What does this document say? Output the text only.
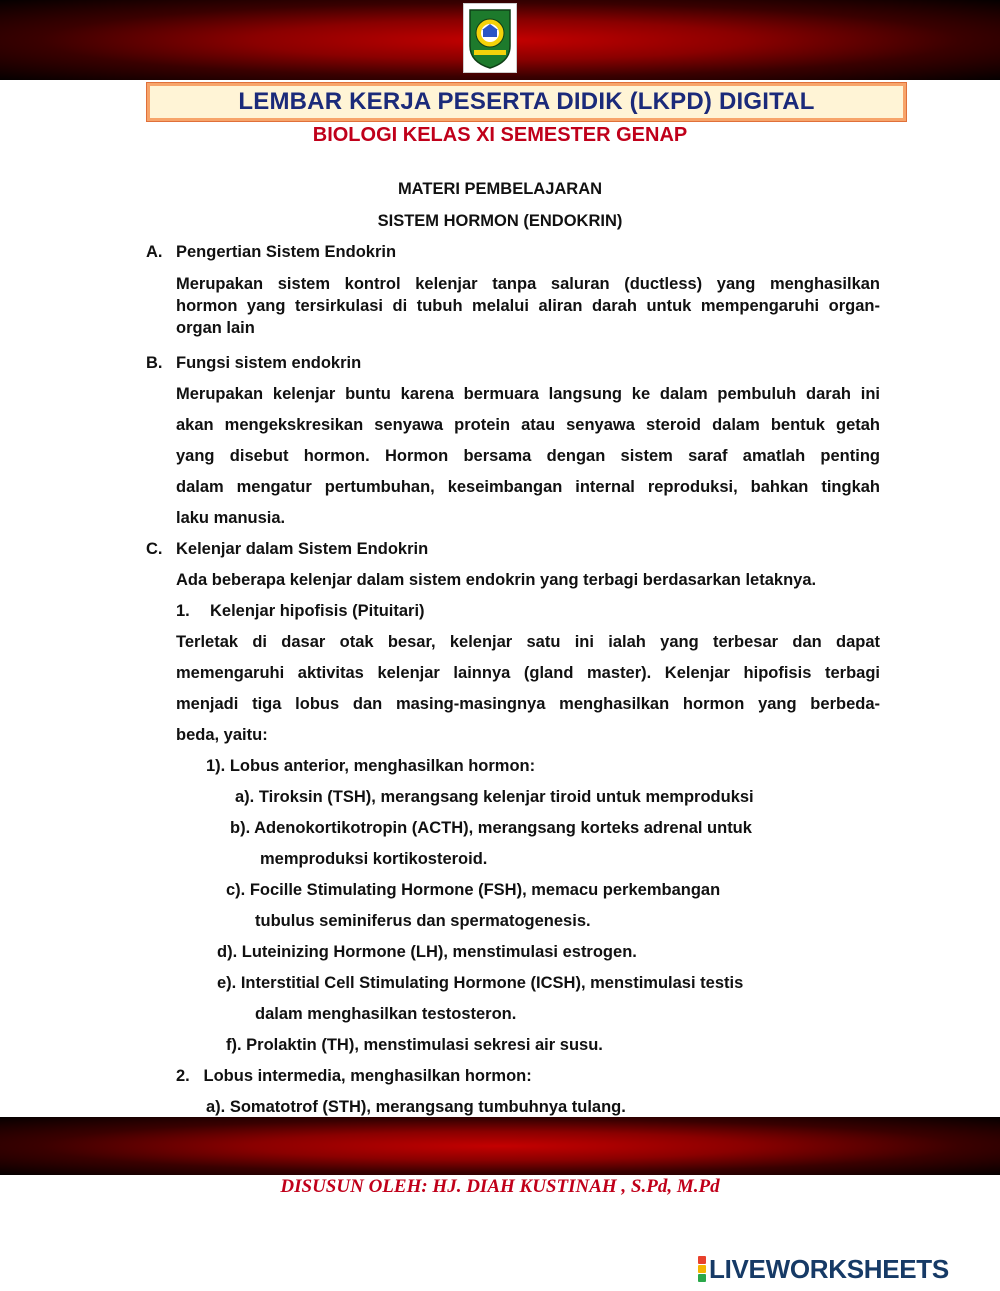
LEMBAR KERJA PESERTA DIDIK (LKPD) DIGITAL
BIOLOGI KELAS XI SEMESTER GENAP
MATERI PEMBELAJARAN
SISTEM HORMON (ENDOKRIN)
A. Pengertian Sistem Endokrin
Merupakan sistem kontrol kelenjar tanpa saluran (ductless) yang menghasilkan
hormon yang tersirkulasi di tubuh melalui aliran darah untuk mempengaruhi organ-
organ lain
B. Fungsi sistem endokrin
Merupakan kelenjar buntu karena bermuara langsung ke dalam pembuluh darah ini
akan mengekskresikan senyawa protein atau senyawa steroid dalam bentuk getah
yang disebut hormon. Hormon bersama dengan sistem saraf amatlah penting
dalam mengatur pertumbuhan, keseimbangan internal reproduksi, bahkan tingkah
laku manusia.
C. Kelenjar dalam Sistem Endokrin
Ada beberapa kelenjar dalam sistem endokrin yang terbagi berdasarkan letaknya.
1. Kelenjar hipofisis (Pituitari)
Terletak di dasar otak besar, kelenjar satu ini ialah yang terbesar dan dapat
memengaruhi aktivitas kelenjar lainnya (gland master). Kelenjar hipofisis terbagi
menjadi tiga lobus dan masing-masingnya menghasilkan hormon yang berbeda-
beda, yaitu:
1). Lobus anterior, menghasilkan hormon:
a). Tiroksin (TSH), merangsang kelenjar tiroid untuk memproduksi
b). Adenokortikotropin (ACTH), merangsang korteks adrenal untuk
memproduksi kortikosteroid.
c). Focille Stimulating Hormone (FSH), memacu perkembangan
tubulus seminiferus dan spermatogenesis.
d). Luteinizing Hormone (LH), menstimulasi estrogen.
e). Interstitial Cell Stimulating Hormone (ICSH), menstimulasi testis
dalam menghasilkan testosteron.
f). Prolaktin (TH), menstimulasi sekresi air susu.
2.   Lobus intermedia, menghasilkan hormon:
a). Somatotrof (STH), merangsang tumbuhnya tulang.
DISUSUN OLEH: HJ. DIAH KUSTINAH , S.Pd, M.Pd
LIVEWORKSHEETS
